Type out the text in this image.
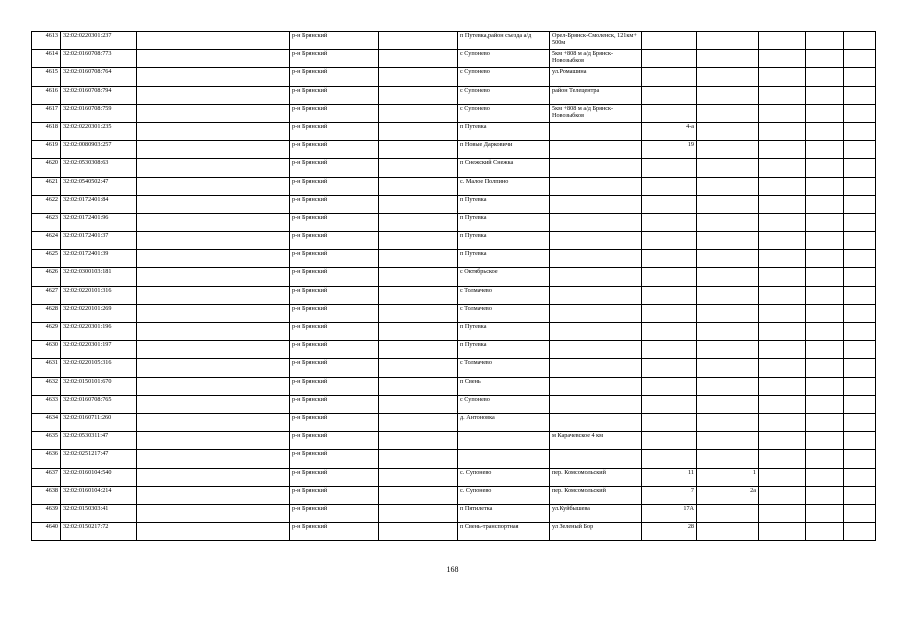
4613	32:02:0220301:237		р-н Брянский		п Путевка,район съезда а/д	Орел-Брянск-Смоленск, 121км+ 500м					
4614	32:02:0160708:773		р-н Брянский		с Супонево	5км +808 м а/д Брянск-Новозыбков					
4615	32:02:0160708:764		р-н Брянский		с Супонево	ул.Ромашина					
4616	32:02:0160708:794		р-н Брянский		с Супонево	район Телецентра					
4617	32:02:0160708:759		р-н Брянский		с Супонево	5км +808 м а/д Брянск-Новозыбков					
4618	32:02:0220301:235		р-н Брянский		п Путевка		4-а				
4619	32:02:0080903:257		р-н Брянский		п Новые Дарковичи		19				
4620	32:02:0530308:63		р-н Брянский		п Снежский Снежка						
4621	32:02:0540502:47		р-н Брянский		с. Малое Полпино						
4622	32:02:0172401:84		р-н Брянский		п Путевка						
4623	32:02:0172401:96		р-н Брянский		п Путевка						
4624	32:02:0172401:37		р-н Брянский		п Путевка						
4625	32:02:0172401:39		р-н Брянский		п Путевка						
4626	32:02:0300103:181		р-н Брянский		с Октябрьское						
4627	32:02:0220101:316		р-н Брянский		с Толмачево						
4628	32:02:0220101:269		р-н Брянский		с Толмачево						
4629	32:02:0220301:196		р-н Брянский		п Путевка						
4630	32:02:0220301:197		р-н Брянский		п Путевка						
4631	32:02:0220105:316		р-н Брянский		с Толмачево						
4632	32:02:0150101:670		р-н Брянский		п Свень						
4633	32:02:0160708:765		р-н Брянский		с Супонево						
4634	32:02:0160711:260		р-н Брянский		д. Антоновка						
4635	32:02:0530311:47		р-н Брянский			м Карачевское 4 км					
4636	32:02:0251217:47		р-н Брянский								
4637	32:02:0160104:540		р-н Брянский		с. Супонево	пер. Комсомольский	11	1			
4638	32:02:0160104:214		р-н Брянский		с. Супонево	пер. Комсомольский	7	2а			
4639	32:02:0150303:41		р-н Брянский		п Пятилетка	ул.Куйбышева	17А				
4640	32:02:0150217:72		р-н Брянский		п Свень-транспортная	ул Зеленый Бор	28				
168
